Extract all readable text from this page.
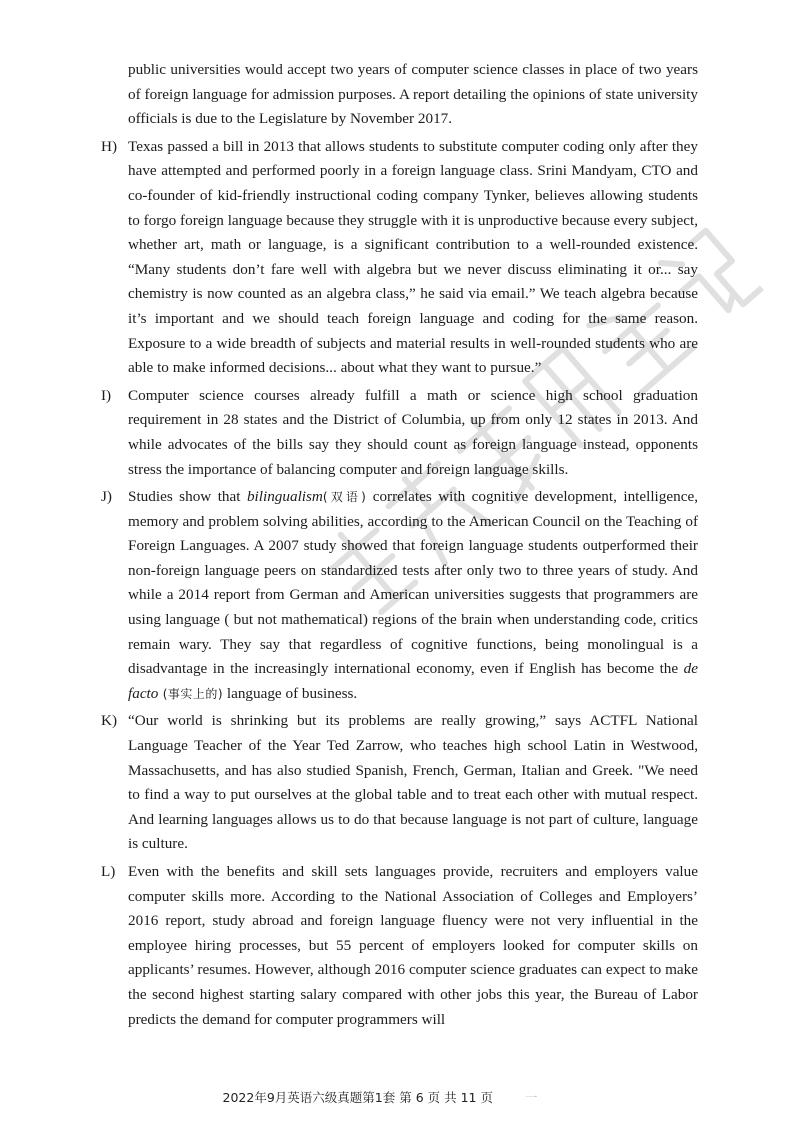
public universities would accept two years of computer science classes in place of two years of foreign language for admission purposes. A report detailing the opinions of state university officials is due to the Legislature by November 2017.

H) Texas passed a bill in 2013 that allows students to substitute computer coding only after they have attempted and performed poorly in a foreign language class. Srini Mandyam, CTO and co-founder of kid-friendly instructional coding company Tynker, believes allowing students to forgo foreign language because they struggle with it is unproductive because every subject, whether art, math or language, is a significant contribution to a well-rounded existence. “Many students don’t fare well with algebra but we never discuss eliminating it or... say chemistry is now counted as an algebra class,” he said via email.” We teach algebra because it’s important and we should teach foreign language and coding for the same reason. Exposure to a wide breadth of subjects and material results in well-rounded students who are able to make informed decisions... about what they want to pursue.”

I) Computer science courses already fulfill a math or science high school graduation requirement in 28 states and the District of Columbia, up from only 12 states in 2013. And while advocates of the bills say they should count as foreign language instead, opponents stress the importance of balancing computer and foreign language skills.

J) Studies show that bilingualism(双语) correlates with cognitive development, intelligence, memory and problem solving abilities, according to the American Council on the Teaching of Foreign Languages. A 2007 study showed that foreign language students outperformed their non-foreign language peers on standardized tests after only two to three years of study. And while a 2014 report from German and American universities suggests that programmers are using language ( but not mathematical) regions of the brain when understanding code, critics remain wary. They say that regardless of cognitive functions, being monolingual is a disadvantage in the increasingly international economy, even if English has become the de facto (事实上的) language of business.

K) “Our world is shrinking but its problems are really growing,” says ACTFL National Language Teacher of the Year Ted Zarrow, who teaches high school Latin in Westwood, Massachusetts, and has also studied Spanish, French, German, Italian and Greek. "We need to find a way to put ourselves at the global table and to treat each other with mutual respect. And learning languages allows us to do that because language is not part of culture, language is culture.

L) Even with the benefits and skill sets languages provide, recruiters and employers value computer skills more. According to the National Association of Colleges and Employers’ 2016 report, study abroad and foreign language fluency were not very influential in the employee hiring processes, but 55 percent of employers looked for computer skills on applicants’ resumes. However, although 2016 computer science graduates can expect to make the second highest starting salary compared with other jobs this year, the Bureau of Labor predicts the demand for computer programmers will

2022年9月英语六级真题第1套 第 6 页 共 11 页	一
